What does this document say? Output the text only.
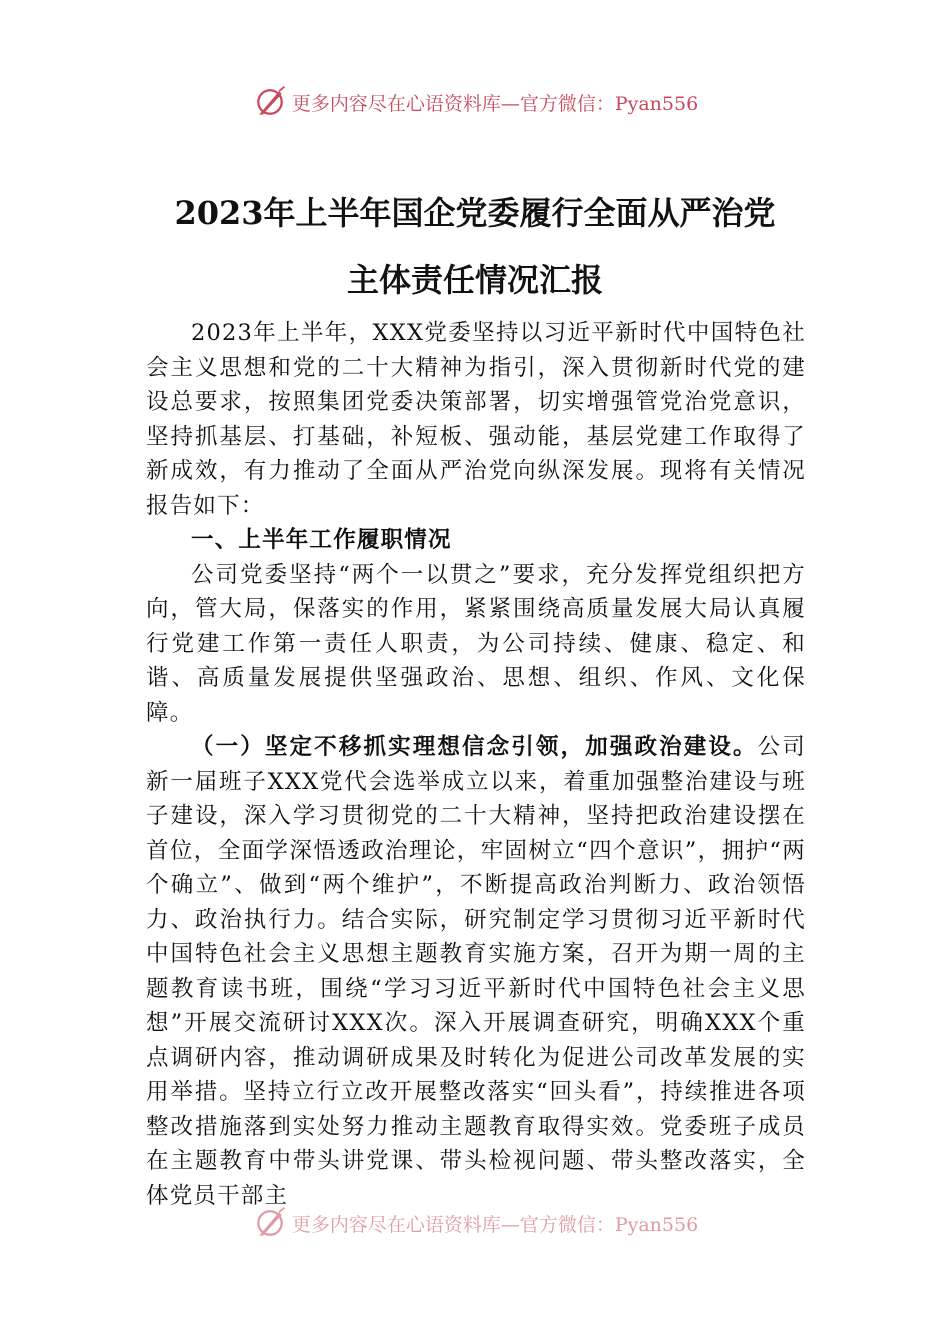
更多内容尽在心语资料库—官方微信：Pyan556
2023年上半年国企党委履行全面从严治党
主体责任情况汇报

2023年上半年，XXX党委坚持以习近平新时代中国特色社会主义思想和党的二十大精神为指引，深入贯彻新时代党的建设总要求，按照集团党委决策部署，切实增强管党治党意识，坚持抓基层、打基础，补短板、强动能，基层党建工作取得了新成效，有力推动了全面从严治党向纵深发展。现将有关情况报告如下：

一、上半年工作履职情况

公司党委坚持“两个一以贯之”要求，充分发挥党组织把方向，管大局，保落实的作用，紧紧围绕高质量发展大局认真履行党建工作第一责任人职责，为公司持续、健康、稳定、和谐、高质量发展提供坚强政治、思想、组织、作风、文化保障。

（一）坚定不移抓实理想信念引领，加强政治建设。公司新一届班子XXX党代会选举成立以来，着重加强整治建设与班子建设，深入学习贯彻党的二十大精神，坚持把政治建设摆在首位，全面学深悟透政治理论，牢固树立“四个意识”，拥护“两个确立”、做到“两个维护”，不断提高政治判断力、政治领悟力、政治执行力。结合实际，研究制定学习贯彻习近平新时代中国特色社会主义思想主题教育实施方案，召开为期一周的主题教育读书班，围绕“学习习近平新时代中国特色社会主义思想”开展交流研讨XXX次。深入开展调查研究，明确XXX个重点调研内容，推动调研成果及时转化为促进公司改革发展的实用举措。坚持立行立改开展整改落实“回头看”，持续推进各项整改措施落到实处努力推动主题教育取得实效。党委班子成员在主题教育中带头讲党课、带头检视问题、带头整改落实，全体党员干部主

更多内容尽在心语资料库—官方微信：Pyan556
